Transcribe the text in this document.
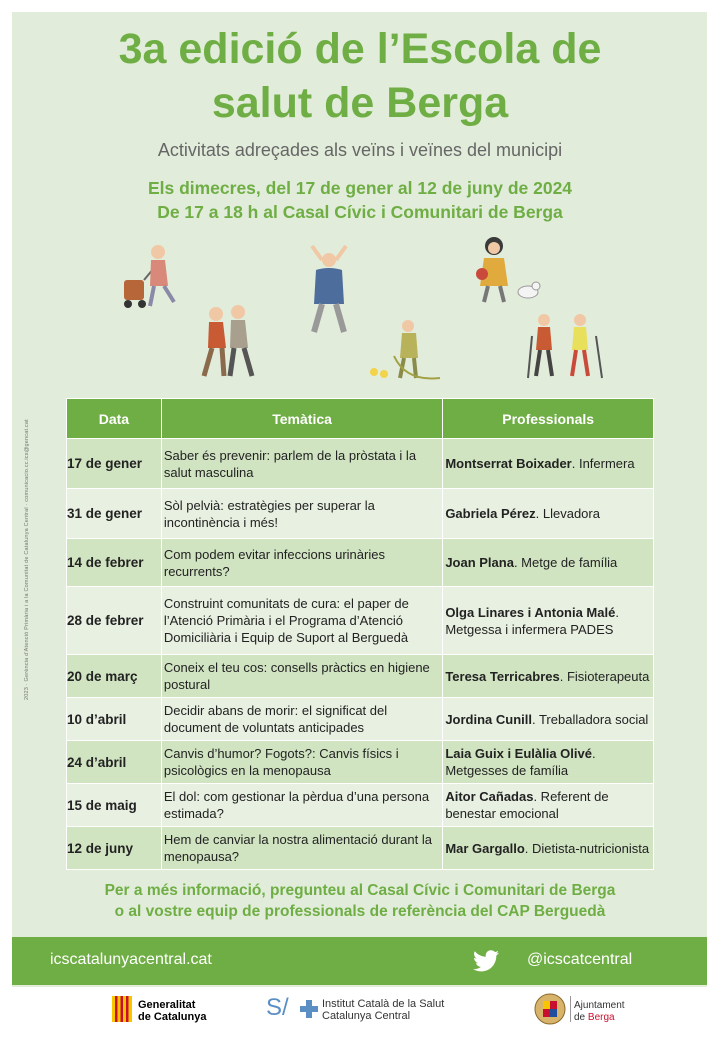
2023 · Gerència d'Atenció Primària i a la Comunitat de Catalunya Central · comunicacio.cc.ics@gencat.cat
3a edició de l’Escola de
salut de Berga
Activitats adreçades als veïns i veïnes del municipi
Els dimecres, del 17 de gener al 12 de juny de 2024
De 17 a 18 h al Casal Cívic i Comunitari de Berga
Data	Temàtica	Professionals
17 de gener	Saber és prevenir: parlem de la pròstata i la salut masculina	Montserrat Boixader. Infermera
31 de gener	Sòl pelvià: estratègies per superar la incontinència i més!	Gabriela Pérez. Llevadora
14 de febrer	Com podem evitar infeccions urinàries recurrents?	Joan Plana. Metge de família
28 de febrer	Construint comunitats de cura: el paper de l’Atenció Primària i el Programa d’Atenció Domiciliària i Equip de Suport al Berguedà	Olga Linares i Antonia Malé. Metgessa i infermera PADES
20 de març	Coneix el teu cos: consells pràctics en higiene postural	Teresa Terricabres. Fisioterapeuta
10 d’abril	Decidir abans de morir: el significat del document de voluntats anticipades	Jordina Cunill. Treballadora social
24 d’abril	Canvis d’humor? Fogots?: Canvis físics i psicològics en la menopausa	Laia Guix i Eulàlia Olivé. Metgesses de família
15 de maig	El dol: com gestionar la pèrdua d’una persona estimada?	Aitor Cañadas. Referent de benestar emocional
12 de juny	Hem de canviar la nostra alimentació durant la menopausa?	Mar Gargallo. Dietista-nutricionista
Per a més informació, pregunteu al Casal Cívic i Comunitari de Berga
o al vostre equip de professionals de referència del CAP Berguedà
icscatalunyacentral.cat	@icscatcentral
Generalitat
de Catalunya S/	Institut Català de la Salut
Catalunya Central
Ajuntament
de Berga
